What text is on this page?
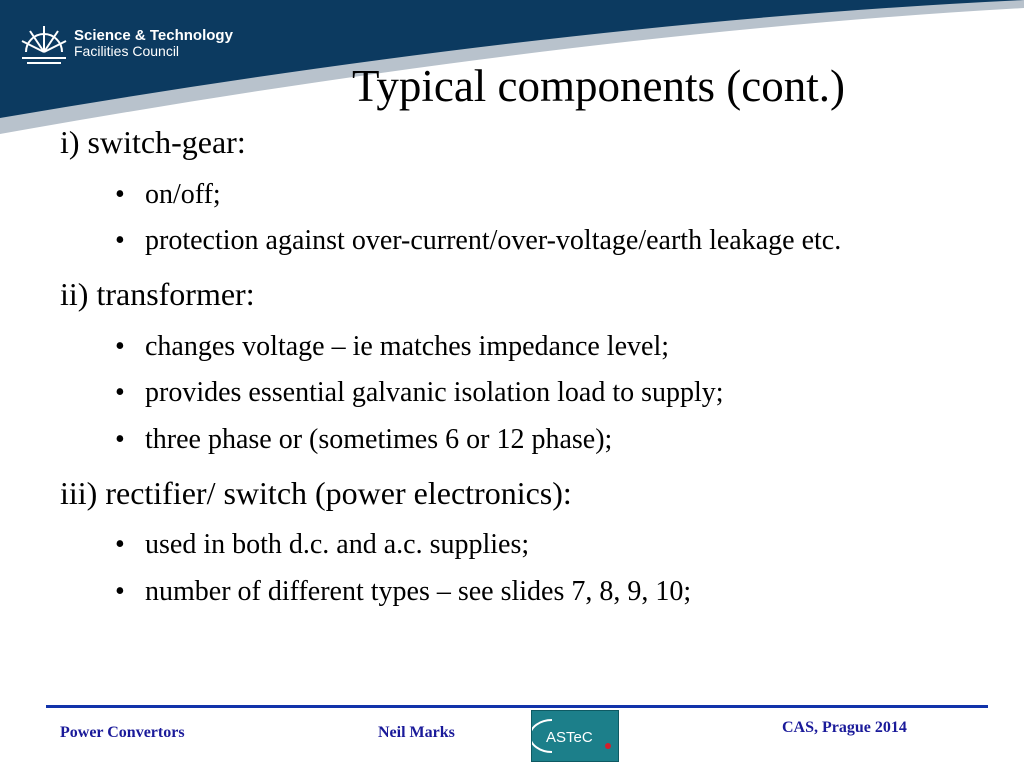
Science & Technology
Facilities Council
Typical components (cont.)
i) switch-gear:
• on/off;
• protection against over-current/over-voltage/earth leakage etc.
ii) transformer:
• changes voltage – ie matches impedance level;
• provides essential galvanic isolation load to supply;
• three phase or (sometimes 6 or 12 phase);
iii) rectifier/ switch (power electronics):
• used in both d.c. and a.c. supplies;
• number of different types – see slides 7, 8, 9, 10;
Power Convertors	Neil Marks	ASTeC
CAS, Prague 2014
